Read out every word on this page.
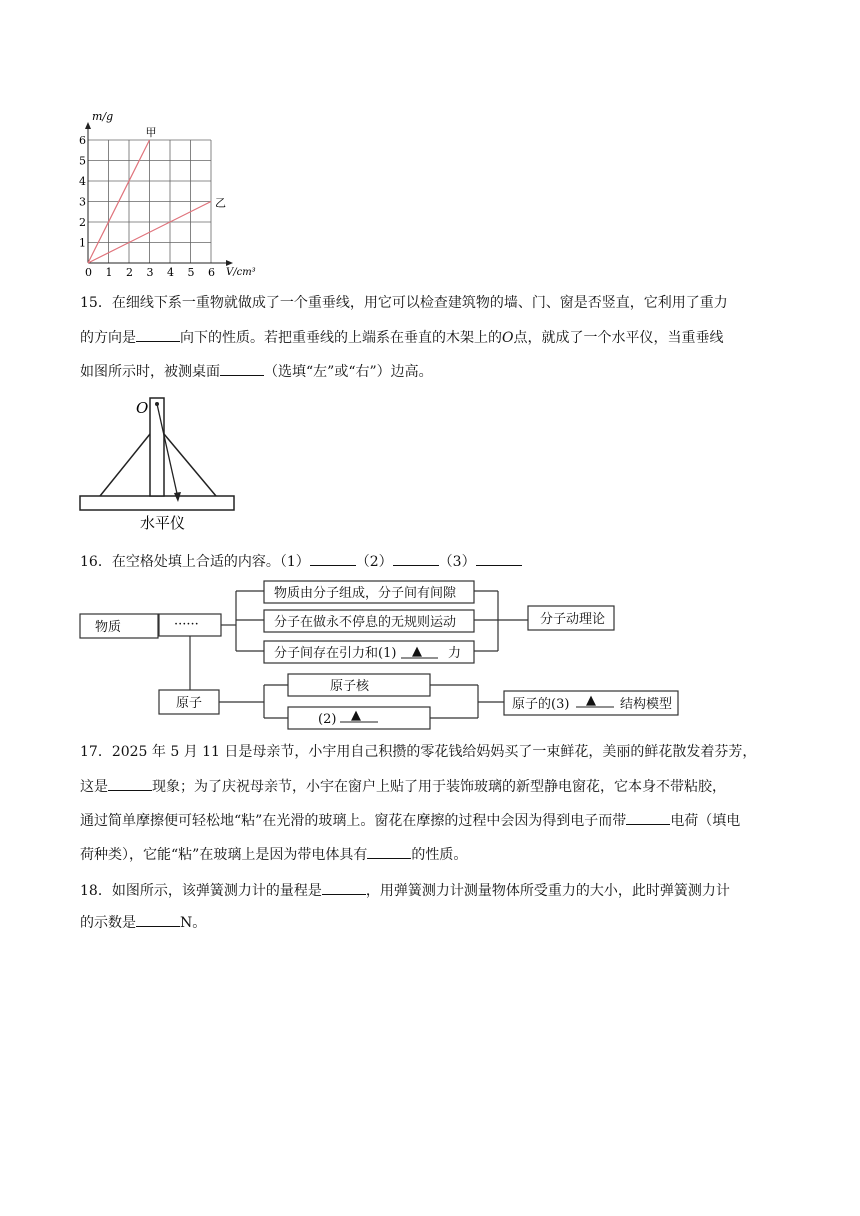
1
2
3
4
5
6
0 1 2 3 4 5 6
甲
乙
m/g
V/cm³
15．在细线下系一重物就做成了一个重垂线，用它可以检查建筑物的墙、门、窗是否竖直，它利用了重力
的方向是	向下的性质。若把重垂线的上端系在垂直的木架上的O点，就成了一个水平仪，当重垂线
如图所示时，被测桌面	（选填“左”或“右”）边高。
O
水平仪
16．在空格处填上合适的内容。（1）	（2）	（3）
物质	······
物质由分子组成，分子间有间隙
分子在做永不停息的无规则运动
分子间存在引力和(1) ▲ 力
分子动理论
原子
原子核
(2) ▲
原子的(3) ▲ 结构模型
17．2025 年 5 月 11 日是母亲节，小宇用自己积攒的零花钱给妈妈买了一束鲜花，美丽的鲜花散发着芬芳，
这是	现象；为了庆祝母亲节，小宇在窗户上贴了用于装饰玻璃的新型静电窗花，它本身不带粘胶，
通过简单摩擦便可轻松地“粘”在光滑的玻璃上。窗花在摩擦的过程中会因为得到电子而带	电荷（填电
荷种类），它能“粘”在玻璃上是因为带电体具有	的性质。
18．如图所示，该弹簧测力计的量程是	，用弹簧测力计测量物体所受重力的大小，此时弹簧测力计
的示数是	N。
